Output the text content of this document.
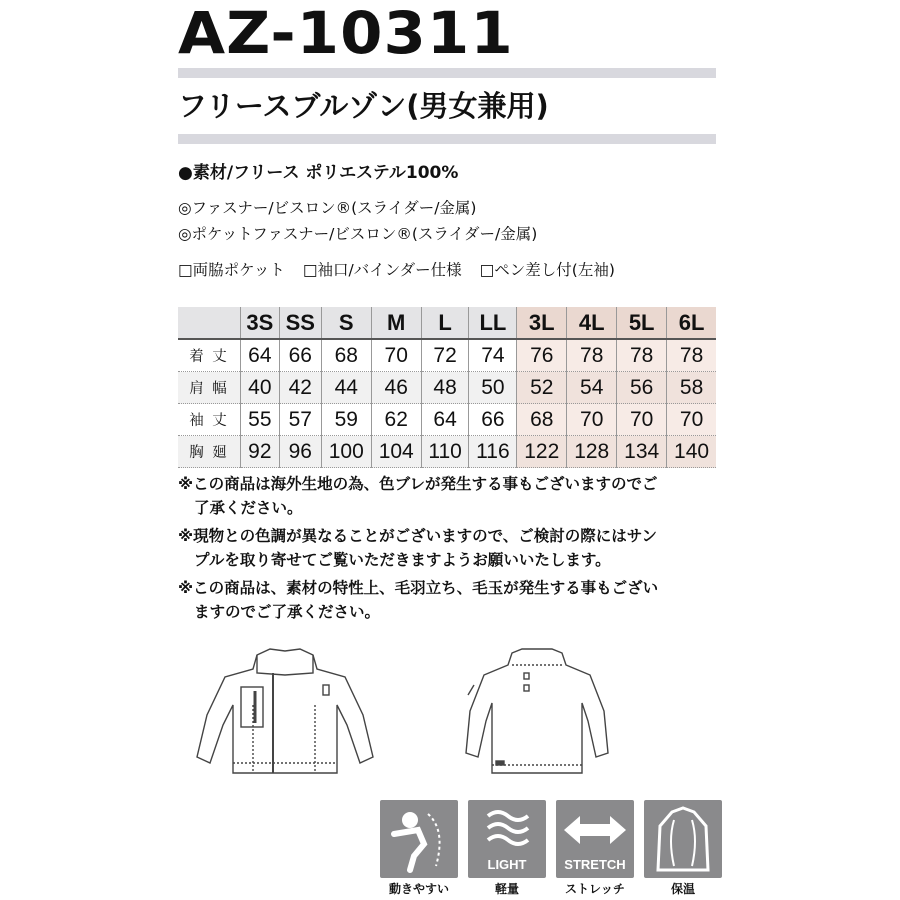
AZ-10311
フリースブルゾン(男女兼用)
●素材/フリース ポリエステル100%
◎ファスナー/ビスロン®(スライダー/金属)
◎ポケットファスナー/ビスロン®(スライダー/金属)
□両脇ポケット □袖口/バインダー仕様 □ペン差し付(左袖)
	3S	SS	S	M	L	LL	3L	4L	5L	6L
着 丈	64	66	68	70	72	74	76	78	78	78
肩 幅	40	42	44	46	48	50	52	54	56	58
袖 丈	55	57	59	62	64	66	68	70	70	70
胸 廻	92	96	100	104	110	116	122	128	134	140
※この商品は海外生地の為、色ブレが発生する事もございますのでご
了承ください。
※現物との色調が異なることがございますので、ご検討の際にはサン
プルを取り寄せてご覧いただきますようお願いいたします。
※この商品は、素材の特性上、毛羽立ち、毛玉が発生する事もござい
ますのでご了承ください。
動きやすい
LIGHT
軽量
STRETCH
ストレッチ	保温
